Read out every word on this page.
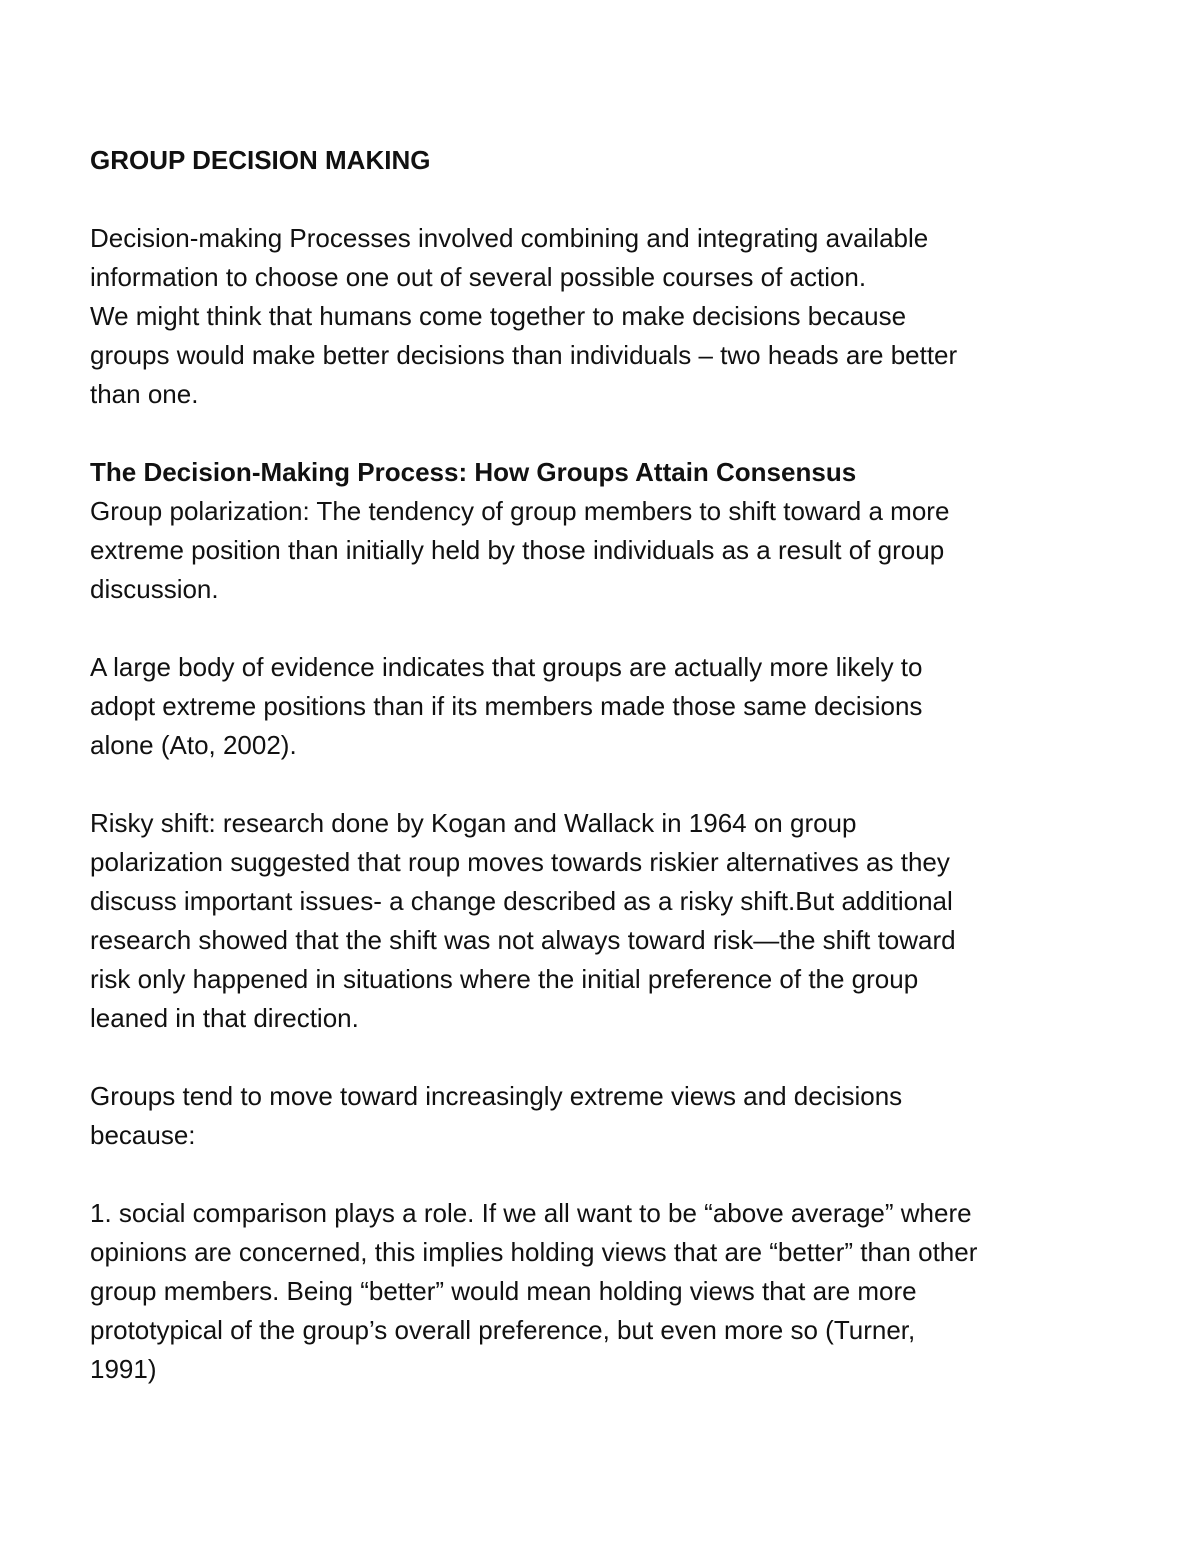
GROUP DECISION MAKING

Decision-making Processes involved combining and integrating available
information to choose one out of several possible courses of action.

We might think that humans come together to make decisions because
groups would make better decisions than individuals – two heads are better
than one.

The Decision-Making Process: How Groups Attain Consensus

Group polarization: The tendency of group members to shift toward a more
extreme position than initially held by those individuals as a result of group
discussion.

A large body of evidence indicates that groups are actually more likely to
adopt extreme positions than if its members made those same decisions
alone (Ato, 2002).

Risky shift: research done by Kogan and Wallack in 1964 on group
polarization suggested that roup moves towards riskier alternatives as they
discuss important issues- a change described as a risky shift.But additional
research showed that the shift was not always toward risk—the shift toward
risk only happened in situations where the initial preference of the group
leaned in that direction.

Groups tend to move toward increasingly extreme views and decisions
because:

1. social comparison plays a role. If we all want to be “above average” where
opinions are concerned, this implies holding views that are “better” than other
group members. Being “better” would mean holding views that are more
prototypical of the group’s overall preference, but even more so (Turner,
1991)
